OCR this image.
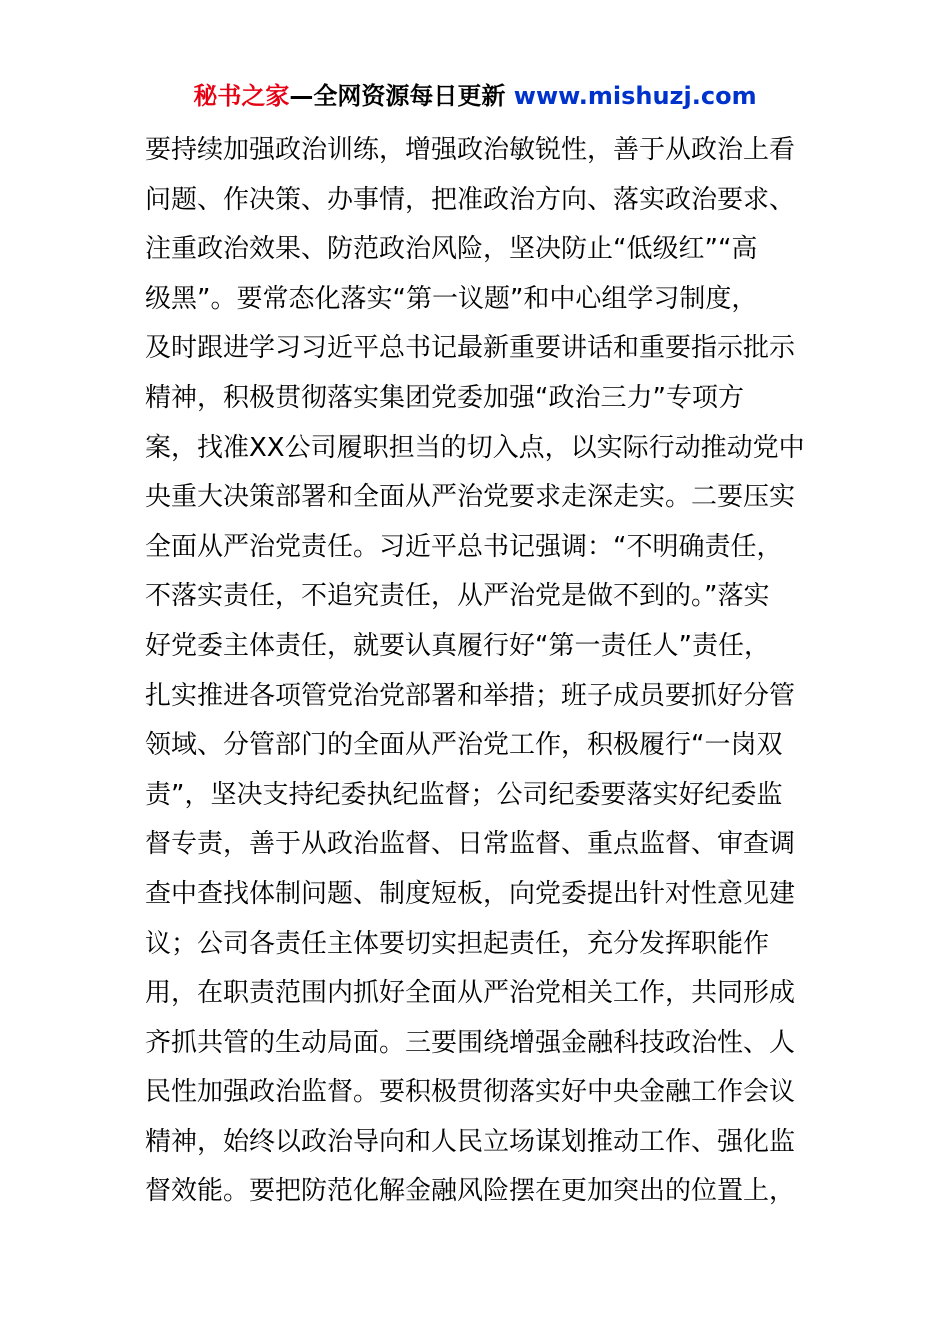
秘书之家—全网资源每日更新 www.mishuzj.com
要持续加强政治训练，增强政治敏锐性，善于从政治上看
问题、作决策、办事情，把准政治方向、落实政治要求、
注重政治效果、防范政治风险，坚决防止“低级红”“高
级黑”。要常态化落实“第一议题”和中心组学习制度，
及时跟进学习习近平总书记最新重要讲话和重要指示批示
精神，积极贯彻落实集团党委加强“政治三力”专项方
案，找准XX公司履职担当的切入点，以实际行动推动党中
央重大决策部署和全面从严治党要求走深走实。二要压实
全面从严治党责任。习近平总书记强调：“不明确责任，
不落实责任，不追究责任，从严治党是做不到的。”落实
好党委主体责任，就要认真履行好“第一责任人”责任，
扎实推进各项管党治党部署和举措；班子成员要抓好分管
领域、分管部门的全面从严治党工作，积极履行“一岗双
责”，坚决支持纪委执纪监督；公司纪委要落实好纪委监
督专责，善于从政治监督、日常监督、重点监督、审查调
查中查找体制问题、制度短板，向党委提出针对性意见建
议；公司各责任主体要切实担起责任，充分发挥职能作
用，在职责范围内抓好全面从严治党相关工作，共同形成
齐抓共管的生动局面。三要围绕增强金融科技政治性、人
民性加强政治监督。要积极贯彻落实好中央金融工作会议
精神，始终以政治导向和人民立场谋划推动工作、强化监
督效能。要把防范化解金融风险摆在更加突出的位置上，
